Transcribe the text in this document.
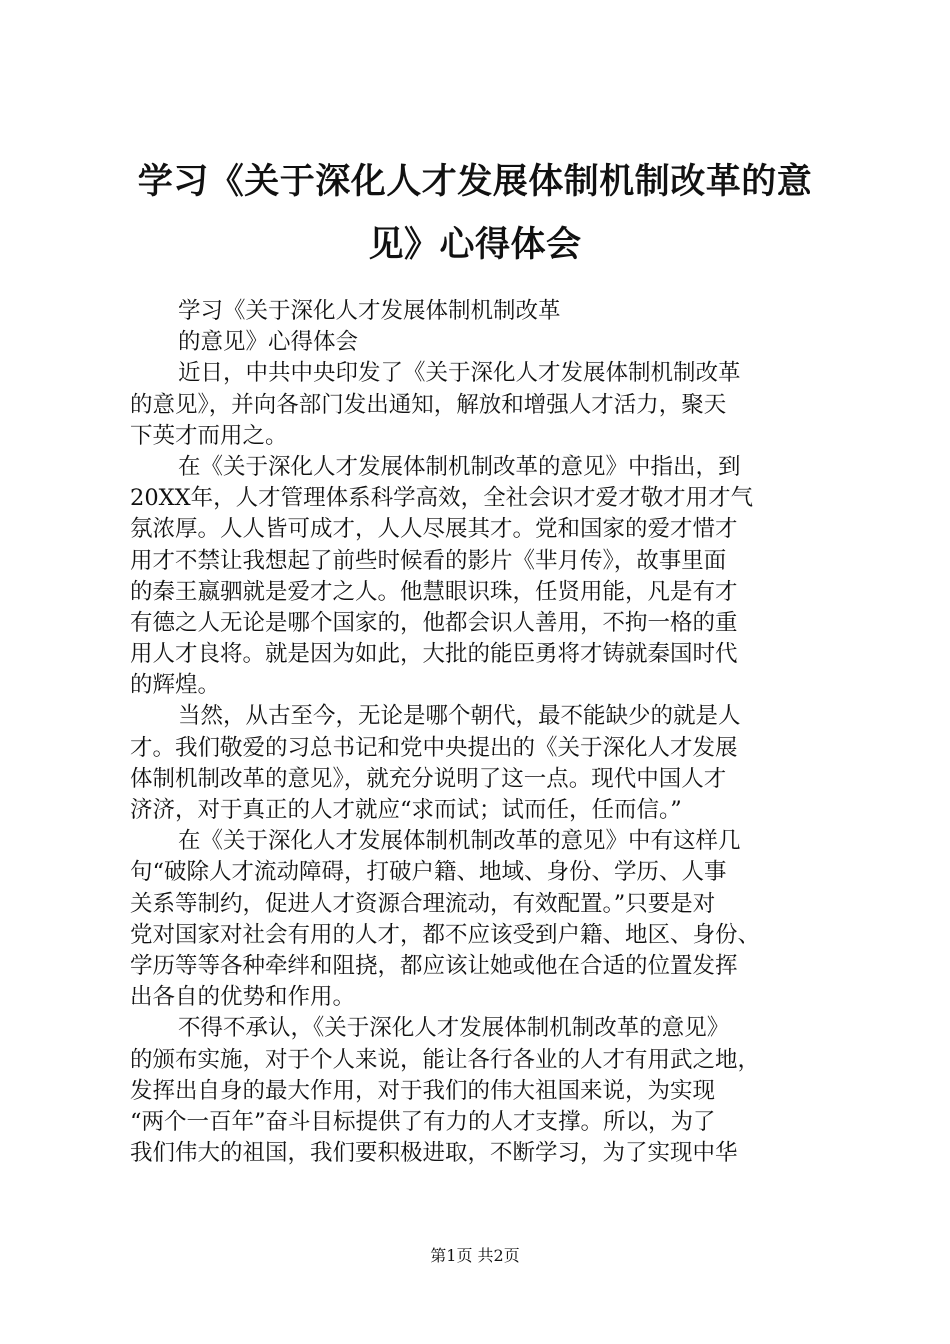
学习《关于深化人才发展体制机制改革的意
见》心得体会
学习《关于深化人才发展体制机制改革
的意见》心得体会
近日，中共中央印发了《关于深化人才发展体制机制改革
的意见》，并向各部门发出通知，解放和增强人才活力，聚天
下英才而用之。
在《关于深化人才发展体制机制改革的意见》中指出，到
20XX年，人才管理体系科学高效，全社会识才爱才敬才用才气
氛浓厚。人人皆可成才，人人尽展其才。党和国家的爱才惜才
用才不禁让我想起了前些时候看的影片《芈月传》，故事里面
的秦王嬴驷就是爱才之人。他慧眼识珠，任贤用能，凡是有才
有德之人无论是哪个国家的，他都会识人善用，不拘一格的重
用人才良将。就是因为如此，大批的能臣勇将才铸就秦国时代
的辉煌。
当然，从古至今，无论是哪个朝代，最不能缺少的就是人
才。我们敬爱的习总书记和党中央提出的《关于深化人才发展
体制机制改革的意见》，就充分说明了这一点。现代中国人才
济济，对于真正的人才就应“求而试；试而任，任而信。”
在《关于深化人才发展体制机制改革的意见》中有这样几
句“破除人才流动障碍，打破户籍、地域、身份、学历、人事
关系等制约，促进人才资源合理流动，有效配置。”只要是对
党对国家对社会有用的人才，都不应该受到户籍、地区、身份、
学历等等各种牵绊和阻挠，都应该让她或他在合适的位置发挥
出各自的优势和作用。
不得不承认，《关于深化人才发展体制机制改革的意见》
的颁布实施，对于个人来说，能让各行各业的人才有用武之地，
发挥出自身的最大作用，对于我们的伟大祖国来说，为实现
“两个一百年”奋斗目标提供了有力的人才支撑。所以，为了
我们伟大的祖国，我们要积极进取，不断学习，为了实现中华
第1页 共2页
